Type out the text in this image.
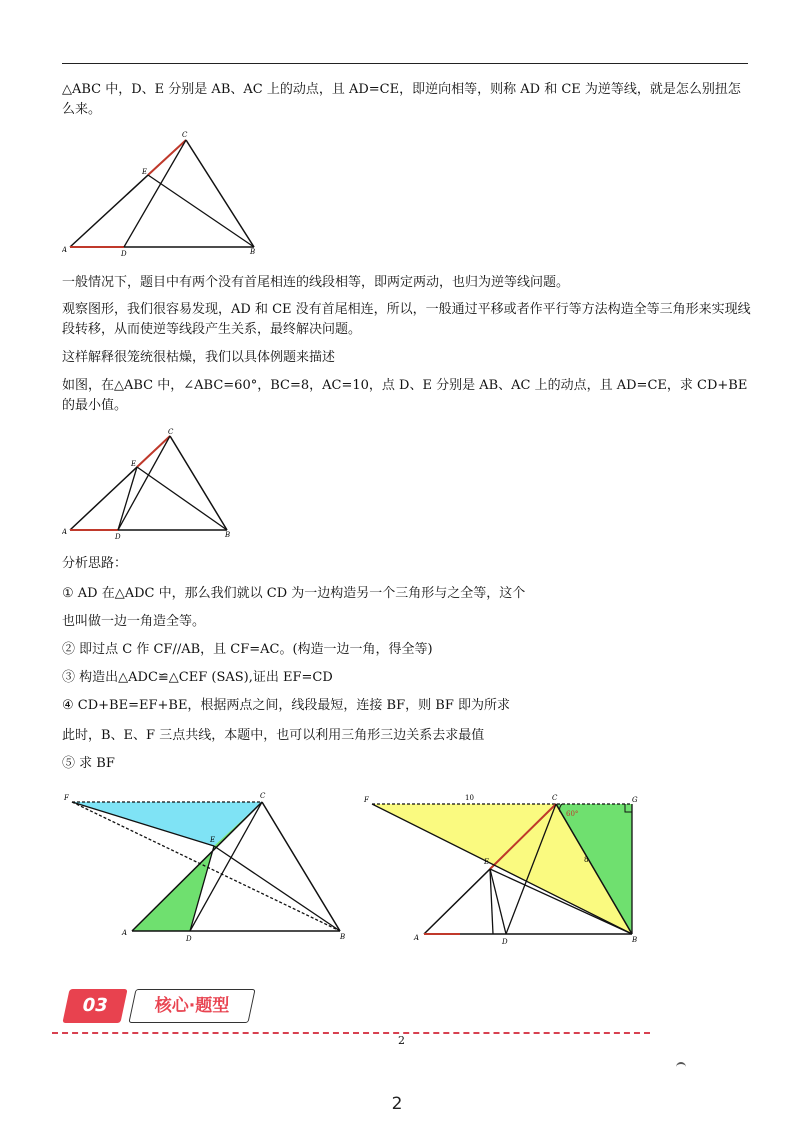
△ABC 中，D、E 分别是 AB、AC 上的动点，且 AD=CE，即逆向相等，则称 AD 和 CE 为逆等线，就是怎么别扭怎么来。

A	D	B
C
E

一般情况下，题目中有两个没有首尾相连的线段相等，即两定两动，也归为逆等线问题。

观察图形，我们很容易发现，AD 和 CE 没有首尾相连，所以，一般通过平移或者作平行等方法构造全等三角形来实现线段转移，从而使逆等线段产生关系，最终解决问题。

这样解释很笼统很枯燥，我们以具体例题来描述

如图，在△ABC 中，∠ABC=60°，BC=8，AC=10，点 D、E 分别是 AB、AC 上的动点，且 AD=CE，求 CD+BE 的最小值。

A
D	B
C
E

分析思路：

① AD 在△ADC 中，那么我们就以 CD 为一边构造另一个三角形与之全等，这个

也叫做一边一角造全等。

② 即过点 C 作 CF//AB，且 CF=AC。(构造一边一角，得全等)

③ 构造出△ADC≌△CEF (SAS),证出 EF=CD

④ CD+BE=EF+BE，根据两点之间，线段最短，连接 BF，则 BF 即为所求

此时，B、E、F 三点共线，本题中，也可以利用三角形三边关系去求最值

⑤ 求 BF

F	C
E
A
D	B
F	10	C
60°
G
8
E
A	D	B
03	核心·题型
2
2
